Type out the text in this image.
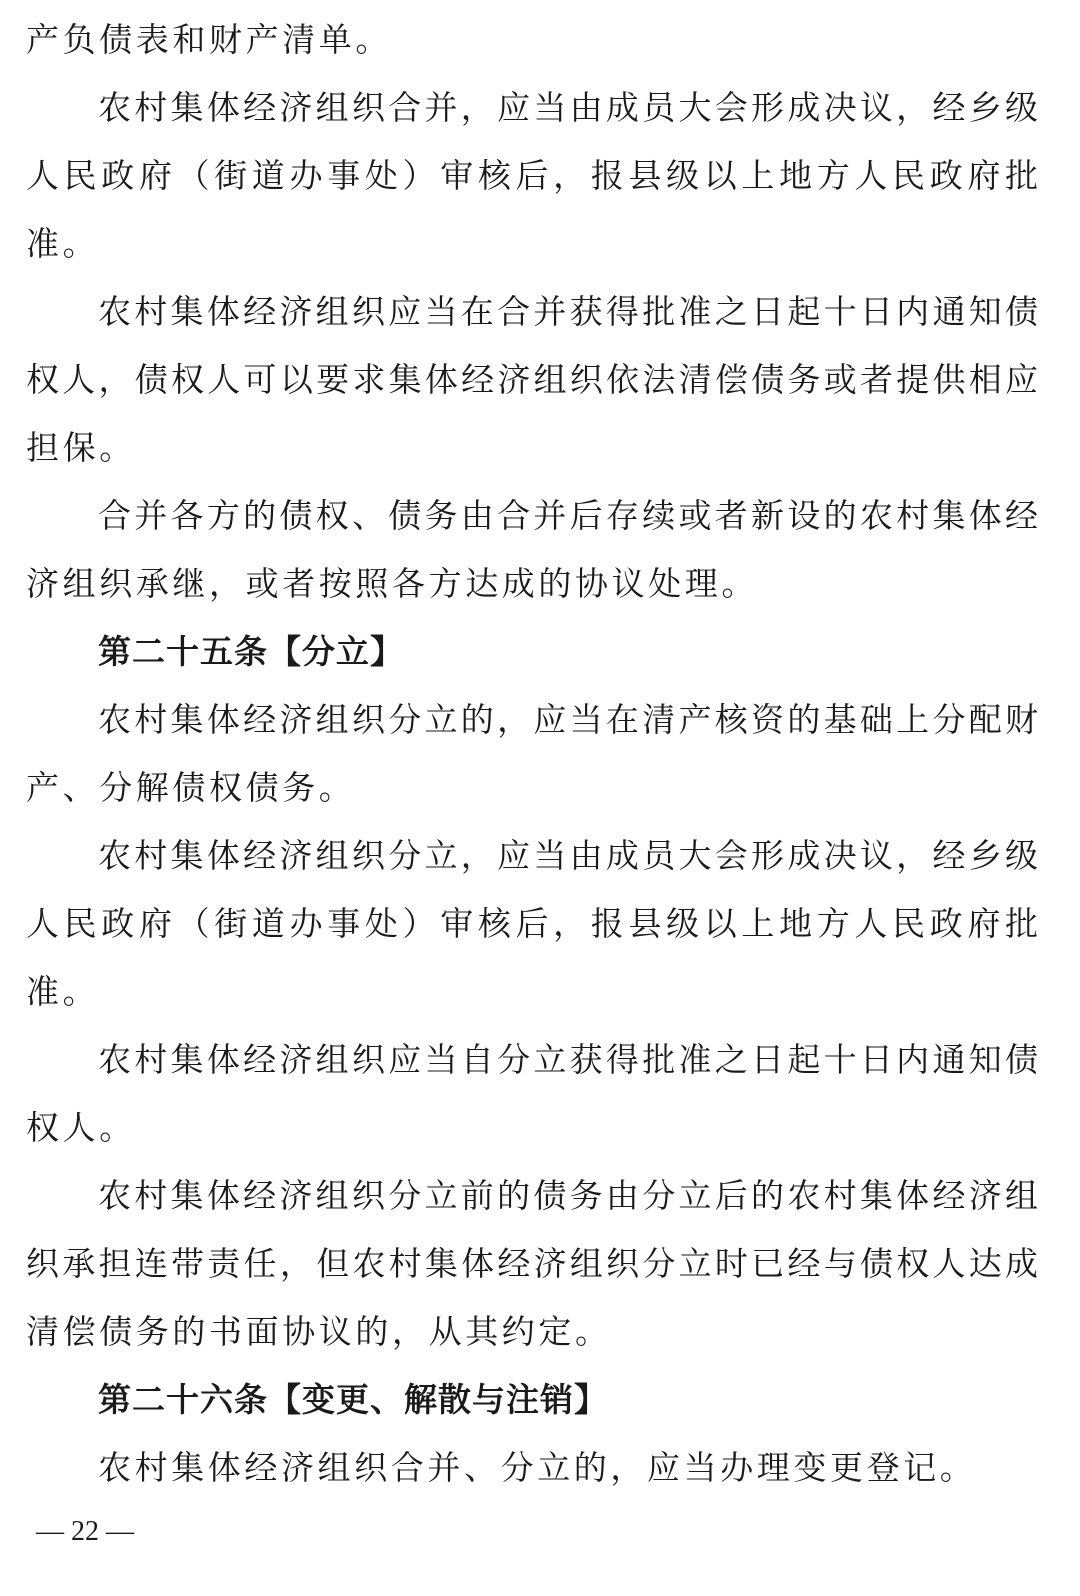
产负债表和财产清单。
农村集体经济组织合并，应当由成员大会形成决议，经乡级
人民政府（街道办事处）审核后，报县级以上地方人民政府批
准。
农村集体经济组织应当在合并获得批准之日起十日内通知债
权人，债权人可以要求集体经济组织依法清偿债务或者提供相应
担保。
合并各方的债权、债务由合并后存续或者新设的农村集体经
济组织承继，或者按照各方达成的协议处理。
第二十五条【分立】
农村集体经济组织分立的，应当在清产核资的基础上分配财
产、分解债权债务。
农村集体经济组织分立，应当由成员大会形成决议，经乡级
人民政府（街道办事处）审核后，报县级以上地方人民政府批
准。
农村集体经济组织应当自分立获得批准之日起十日内通知债
权人。
农村集体经济组织分立前的债务由分立后的农村集体经济组
织承担连带责任，但农村集体经济组织分立时已经与债权人达成
清偿债务的书面协议的，从其约定。
第二十六条【变更、解散与注销】
农村集体经济组织合并、分立的，应当办理变更登记。
— 22 —
